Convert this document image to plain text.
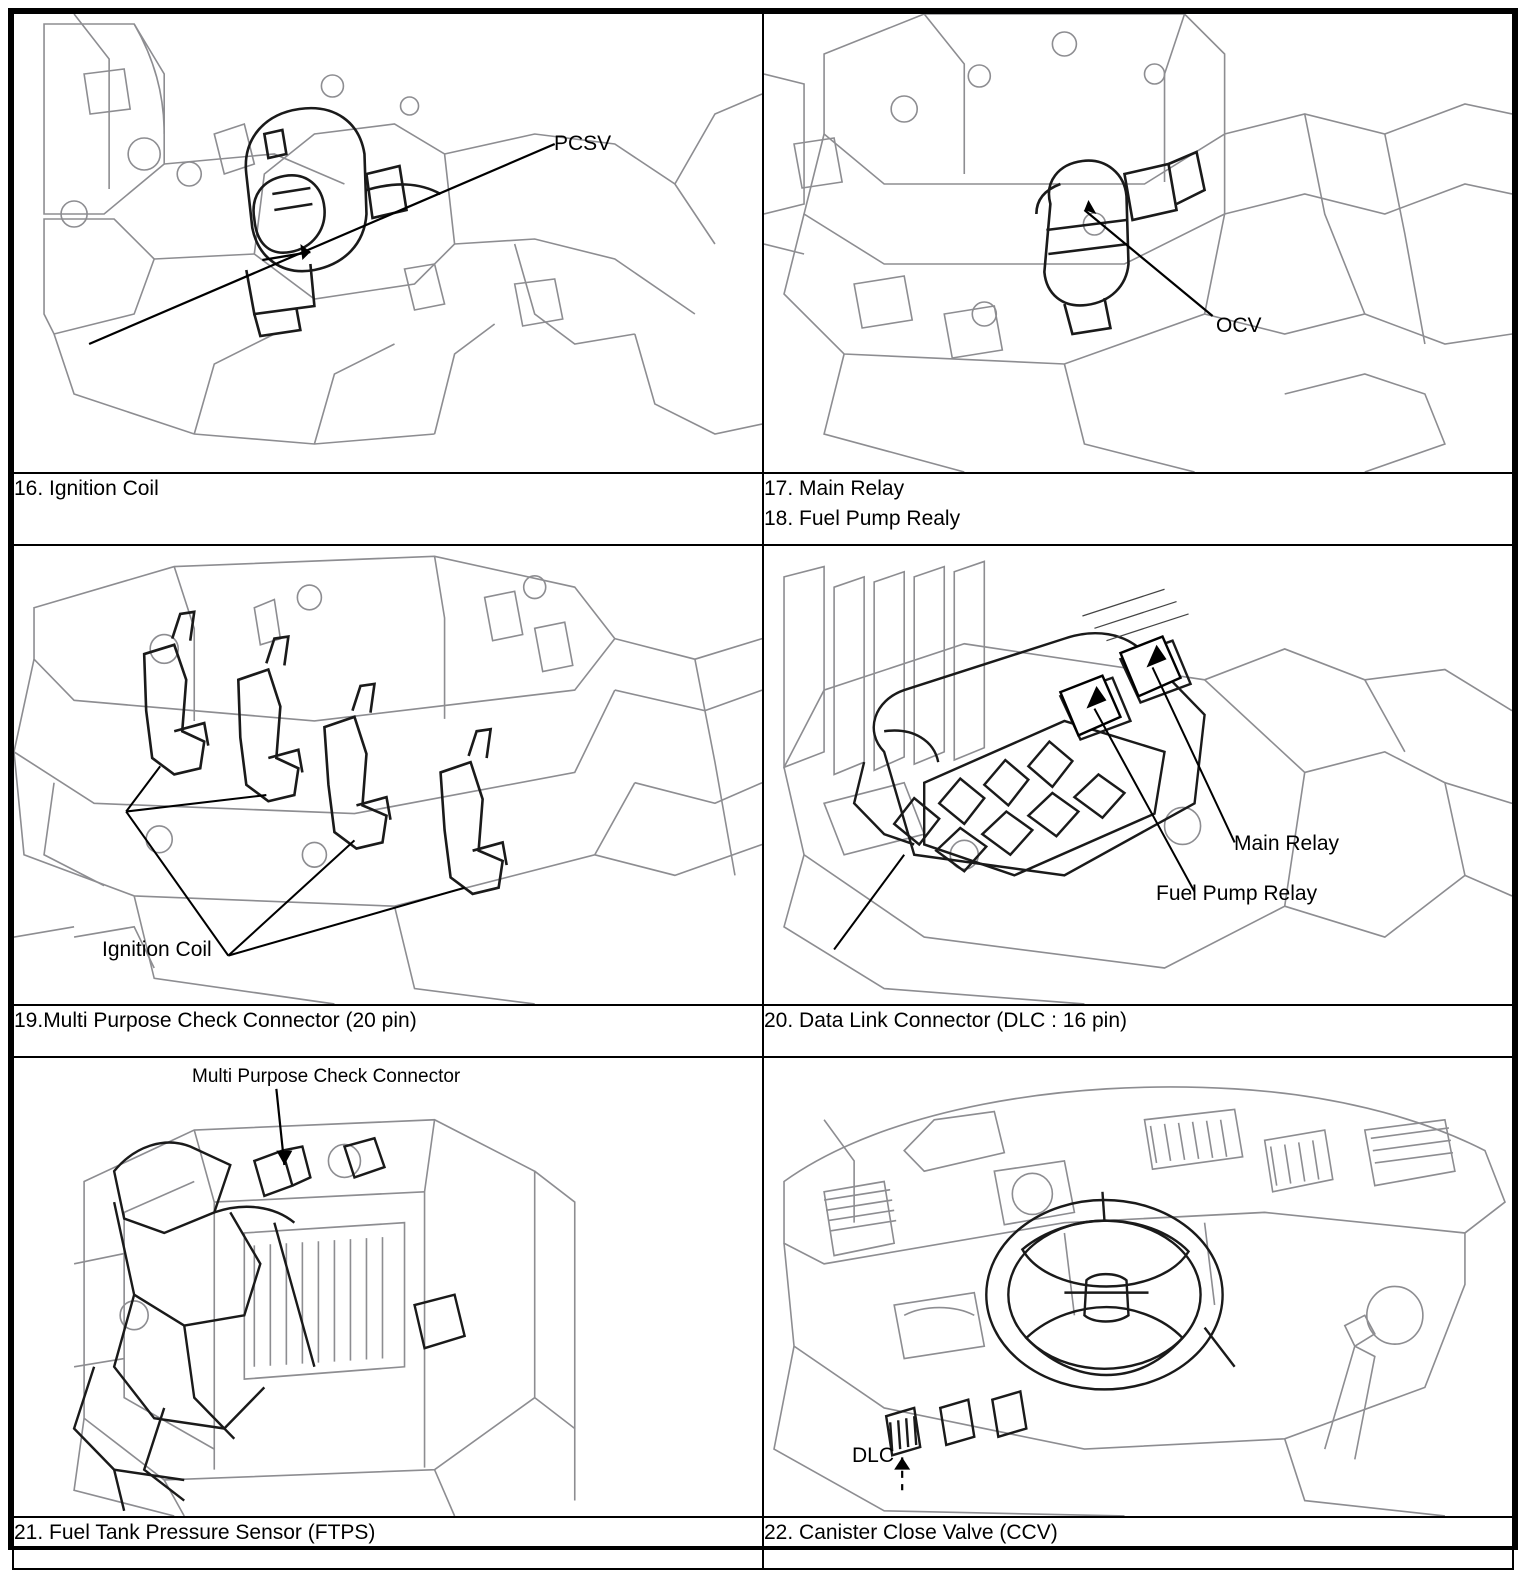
PCSV	OCV

16. Ignition Coil	17. Main Relay
18. Fuel Pump Realy

Ignition Coil	Main Relay
Fuel Pump Relay

19.Multi Purpose Check Connector (20 pin)	20. Data Link Connector (DLC : 16 pin)

Multi Purpose Check Connector	DLC

21. Fuel Tank Pressure Sensor (FTPS)	22. Canister Close Valve (CCV)
